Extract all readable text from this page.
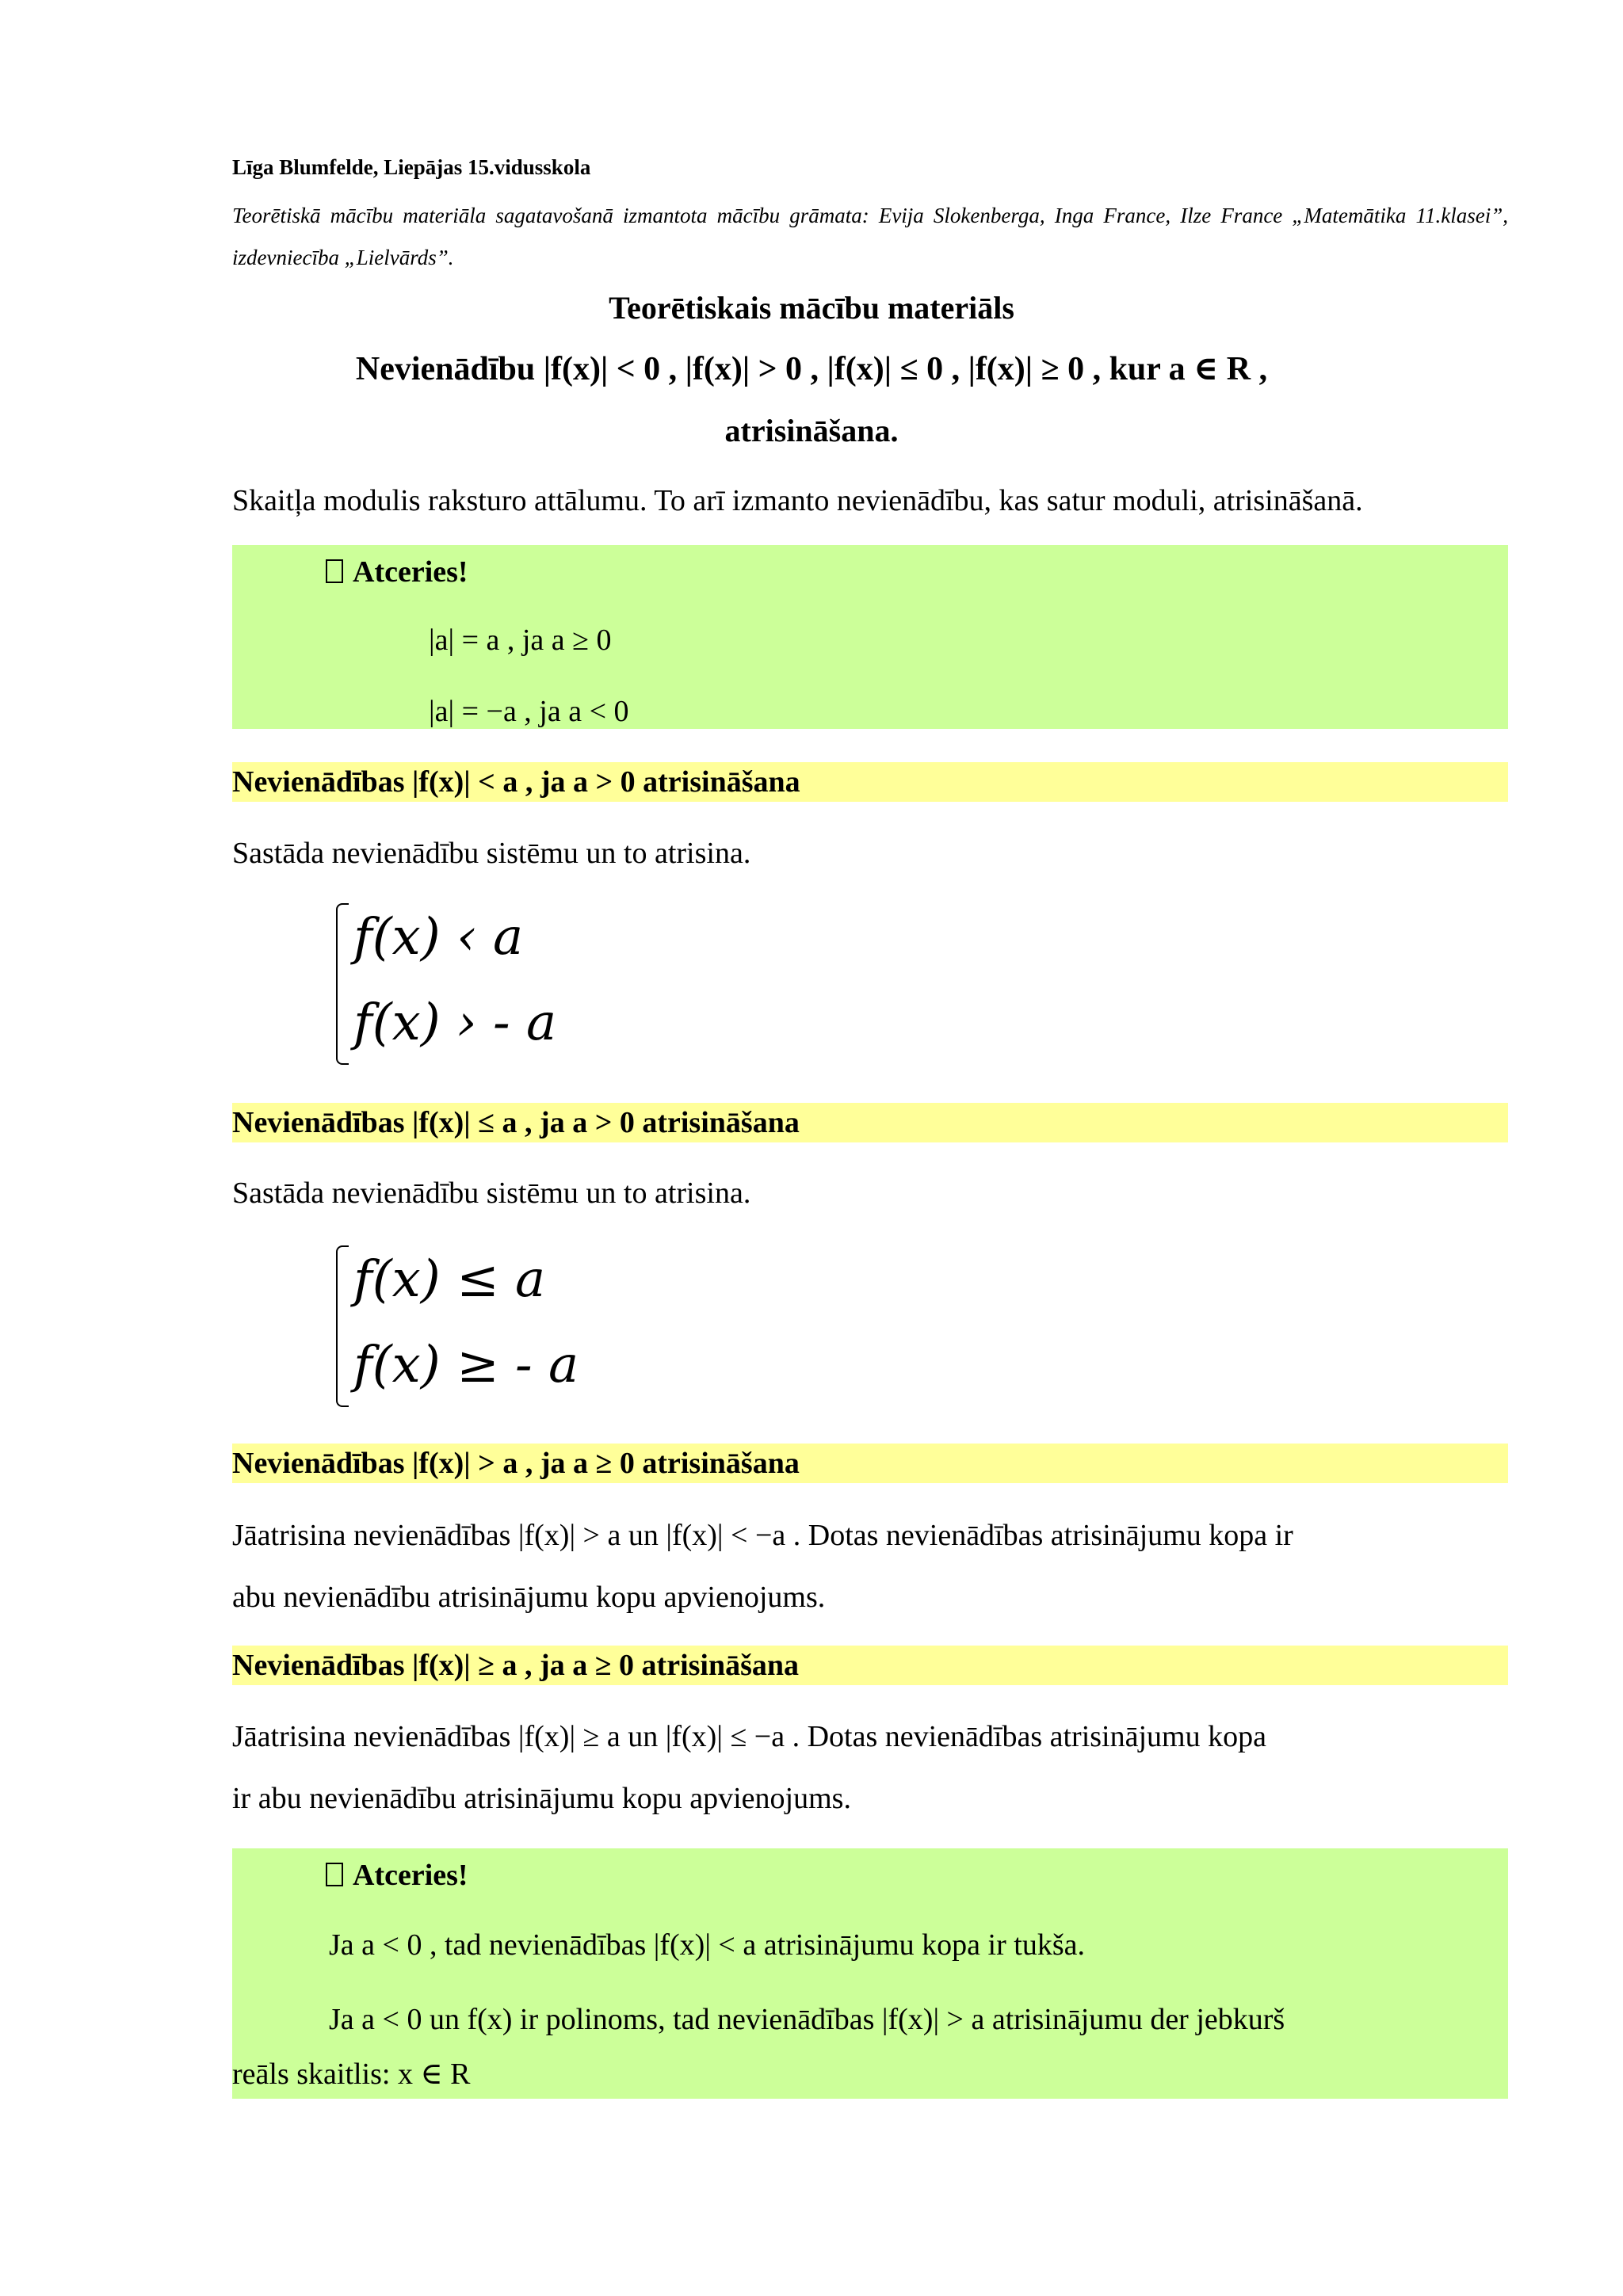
Līga Blumfelde, Liepājas 15.vidusskola
Teorētiskā mācību materiāla sagatavošanā izmantota mācību grāmata: Evija Slokenberga, Inga France, Ilze France „Matemātika 11.klasei”, izdevniecība „Lielvārds”.
Teorētiskais mācību materiāls
Nevienādību |f(x)| < 0 , |f(x)| > 0 , |f(x)| ≤ 0 , |f(x)| ≥ 0 , kur a ∈ R ,
atrisināšana.
Skaitļa modulis raksturo attālumu. To arī izmanto nevienādību, kas satur moduli, atrisināšanā.
Atceries!
|a| = a , ja a ≥ 0
|a| = −a , ja a < 0
Nevienādības |f(x)| < a , ja a > 0 atrisināšana
Sastāda nevienādību sistēmu un to atrisina.
f(x) ‹ a
f(x) › - a
Nevienādības |f(x)| ≤ a , ja a > 0 atrisināšana
Sastāda nevienādību sistēmu un to atrisina.
f(x) ≤ a
f(x) ≥ - a
Nevienādības |f(x)| > a , ja a ≥ 0 atrisināšana
Jāatrisina nevienādības |f(x)| > a un |f(x)| < −a . Dotas nevienādības atrisinājumu kopa ir
abu nevienādību atrisinājumu kopu apvienojums.
Nevienādības |f(x)| ≥ a , ja a ≥ 0 atrisināšana
Jāatrisina nevienādības |f(x)| ≥ a un |f(x)| ≤ −a . Dotas nevienādības atrisinājumu kopa
ir abu nevienādību atrisinājumu kopu apvienojums.
Atceries!
Ja a < 0 , tad nevienādības |f(x)| < a atrisinājumu kopa ir tukša.
Ja a < 0 un f(x) ir polinoms, tad nevienādības |f(x)| > a atrisinājumu der jebkurš
reāls skaitlis: x ∈ R
